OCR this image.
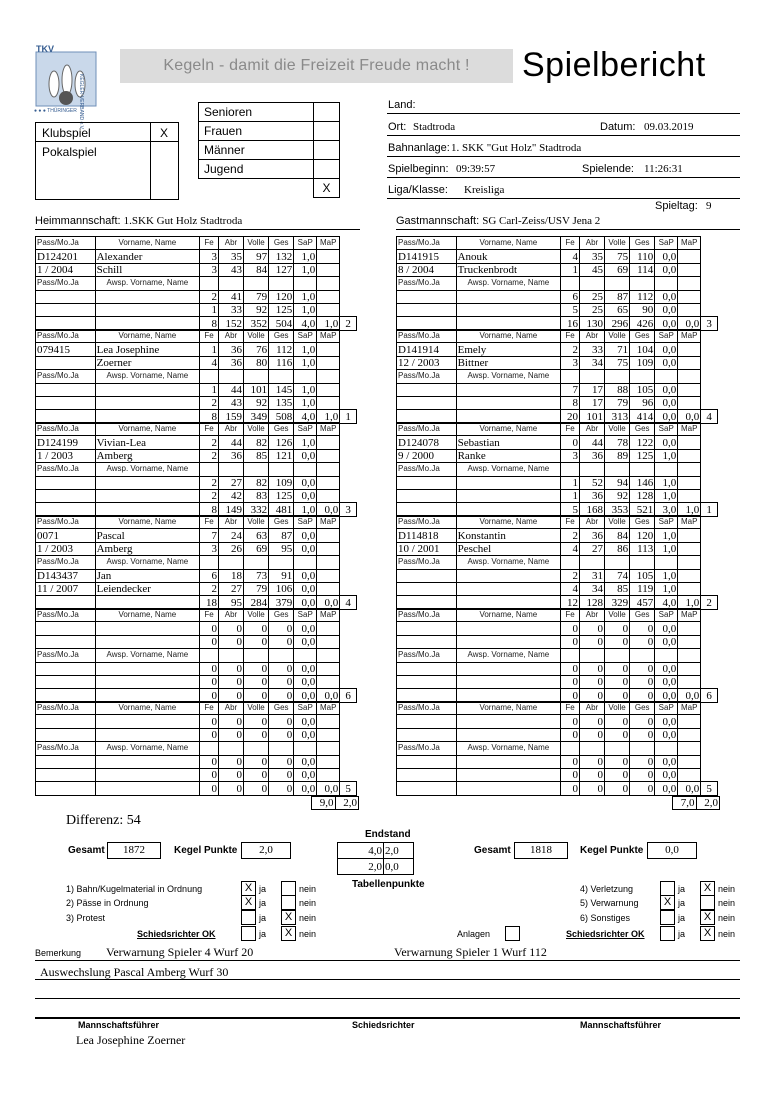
TKV
KEGLER-VERBAND e.V.
● ● ● THÜRINGER
Kegeln - damit die Freizeit Freude macht !	Spielbericht
Klubspiel	X
Pokalspiel
Senioren	
Frauen	
Männer	
Jugend	
	X
Land:
Ort: Stadtroda	Datum: 09.03.2019
Bahnanlage: 1. SKK "Gut Holz" Stadtroda
Spielbeginn: 09:39:57	Spielende: 11:26:31
Liga/Klasse: Kreisliga
Spieltag: 9
Heimmannschaft: 1.SKK Gut Holz Stadtroda	Gastmannschaft: SG Carl-Zeiss/USV Jena 2
Pass/Mo.Ja	Vorname, Name	Fe	Abr	Volle	Ges	SaP	MaP	
D124201	Alexander	3	35	97	132	1,0		
1 / 2004	Schill	3	43	84	127	1,0		
Pass/Mo.Ja	Awsp. Vorname, Name							
		2	41	79	120	1,0		
		1	33	92	125	1,0		
		8	152	352	504	4,0	1,0	2
Pass/Mo.Ja	Vorname, Name	Fe	Abr	Volle	Ges	SaP	MaP	
079415	Lea Josephine	1	36	76	112	1,0		
	Zoerner	4	36	80	116	1,0		
Pass/Mo.Ja	Awsp. Vorname, Name							
		1	44	101	145	1,0		
		2	43	92	135	1,0		
		8	159	349	508	4,0	1,0	1
Pass/Mo.Ja	Vorname, Name	Fe	Abr	Volle	Ges	SaP	MaP	
D124199	Vivian-Lea	2	44	82	126	1,0		
1 / 2003	Amberg	2	36	85	121	0,0		
Pass/Mo.Ja	Awsp. Vorname, Name							
		2	27	82	109	0,0		
		2	42	83	125	0,0		
		8	149	332	481	1,0	0,0	3
Pass/Mo.Ja	Vorname, Name	Fe	Abr	Volle	Ges	SaP	MaP	
0071	Pascal	7	24	63	87	0,0		
1 / 2003	Amberg	3	26	69	95	0,0		
Pass/Mo.Ja	Awsp. Vorname, Name							
D143437	Jan	6	18	73	91	0,0		
11 / 2007	Leiendecker	2	27	79	106	0,0		
		18	95	284	379	0,0	0,0	4
Pass/Mo.Ja	Vorname, Name	Fe	Abr	Volle	Ges	SaP	MaP	
		0	0	0	0	0,0		
		0	0	0	0	0,0		
Pass/Mo.Ja	Awsp. Vorname, Name							
		0	0	0	0	0,0		
		0	0	0	0	0,0		
		0	0	0	0	0,0	0,0	6
Pass/Mo.Ja	Vorname, Name	Fe	Abr	Volle	Ges	SaP	MaP	
		0	0	0	0	0,0		
		0	0	0	0	0,0		
Pass/Mo.Ja	Awsp. Vorname, Name							
		0	0	0	0	0,0		
		0	0	0	0	0,0		
		0	0	0	0	0,0	0,0	5
Pass/Mo.Ja	Vorname, Name	Fe	Abr	Volle	Ges	SaP	MaP	
D141915	Anouk	4	35	75	110	0,0		
8 / 2004	Truckenbrodt	1	45	69	114	0,0		
Pass/Mo.Ja	Awsp. Vorname, Name							
		6	25	87	112	0,0		
		5	25	65	90	0,0		
		16	130	296	426	0,0	0,0	3
Pass/Mo.Ja	Vorname, Name	Fe	Abr	Volle	Ges	SaP	MaP	
D141914	Emely	2	33	71	104	0,0		
12 / 2003	Bittner	3	34	75	109	0,0		
Pass/Mo.Ja	Awsp. Vorname, Name							
		7	17	88	105	0,0		
		8	17	79	96	0,0		
		20	101	313	414	0,0	0,0	4
Pass/Mo.Ja	Vorname, Name	Fe	Abr	Volle	Ges	SaP	MaP	
D124078	Sebastian	0	44	78	122	0,0		
9 / 2000	Ranke	3	36	89	125	1,0		
Pass/Mo.Ja	Awsp. Vorname, Name							
		1	52	94	146	1,0		
		1	36	92	128	1,0		
		5	168	353	521	3,0	1,0	1
Pass/Mo.Ja	Vorname, Name	Fe	Abr	Volle	Ges	SaP	MaP	
D114818	Konstantin	2	36	84	120	1,0		
10 / 2001	Peschel	4	27	86	113	1,0		
Pass/Mo.Ja	Awsp. Vorname, Name							
		2	31	74	105	1,0		
		4	34	85	119	1,0		
		12	128	329	457	4,0	1,0	2
Pass/Mo.Ja	Vorname, Name	Fe	Abr	Volle	Ges	SaP	MaP	
		0	0	0	0	0,0		
		0	0	0	0	0,0		
Pass/Mo.Ja	Awsp. Vorname, Name							
		0	0	0	0	0,0		
		0	0	0	0	0,0		
		0	0	0	0	0,0	0,0	6
Pass/Mo.Ja	Vorname, Name	Fe	Abr	Volle	Ges	SaP	MaP	
		0	0	0	0	0,0		
		0	0	0	0	0,0		
Pass/Mo.Ja	Awsp. Vorname, Name							
		0	0	0	0	0,0		
		0	0	0	0	0,0		
		0	0	0	0	0,0	0,0	5
9,0	2,0	7,0	2,0
Differenz: 54
Endstand
Gesamt	1872	Kegel Punkte	2,0	4,0	2,0
2,0	0,0
Tabellenpunkte
Gesamt	1818	Kegel Punkte	0,0
1) Bahn/Kugelmaterial in Ordnung	X ja	nein
2) Pässe in Ordnung	X ja	nein
3) Protest	ja	X nein
Schiedsrichter OK	ja	X nein
4) Verletzung	ja	X nein
5) Verwarnung	X ja	nein
6) Sonstiges	ja	X nein
Schiedsrichter OK	ja	X nein
Anlagen
Bemerkung Verwarnung Spieler 4 Wurf 20	Verwarnung Spieler 1 Wurf 112
Auswechslung Pascal Amberg Wurf 30
Mannschaftsführer	Schiedsrichter	Mannschaftsführer
Lea Josephine Zoerner
